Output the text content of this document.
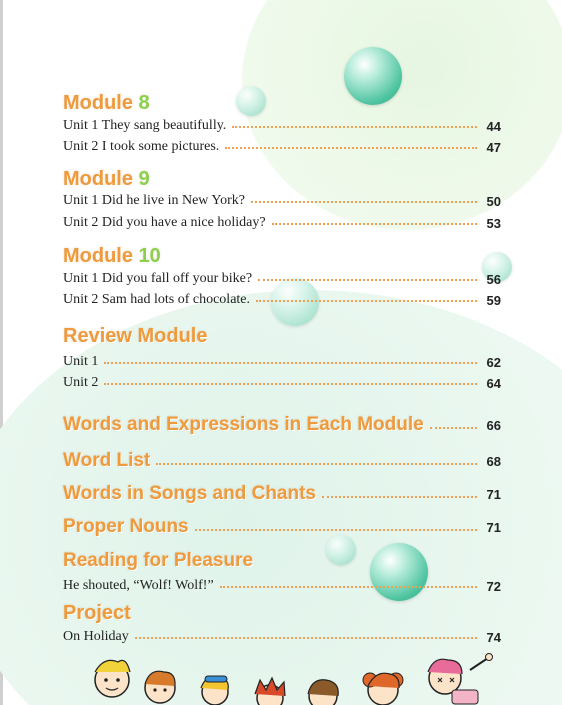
Module 8
Unit 1 They sang beautifully.	44
Unit 2 I took some pictures.	47
Module 9
Unit 1 Did he live in New York?	50
Unit 2 Did you have a nice holiday?	53
Module 10
Unit 1 Did you fall off your bike?	56
Unit 2 Sam had lots of chocolate.	59
Review Module
Unit 1	62
Unit 2	64
Words and Expressions in Each Module	66
Word List	68
Words in Songs and Chants	71
Proper Nouns	71
Reading for Pleasure
He shouted, “Wolf! Wolf!”	72
Project
On Holiday	74
